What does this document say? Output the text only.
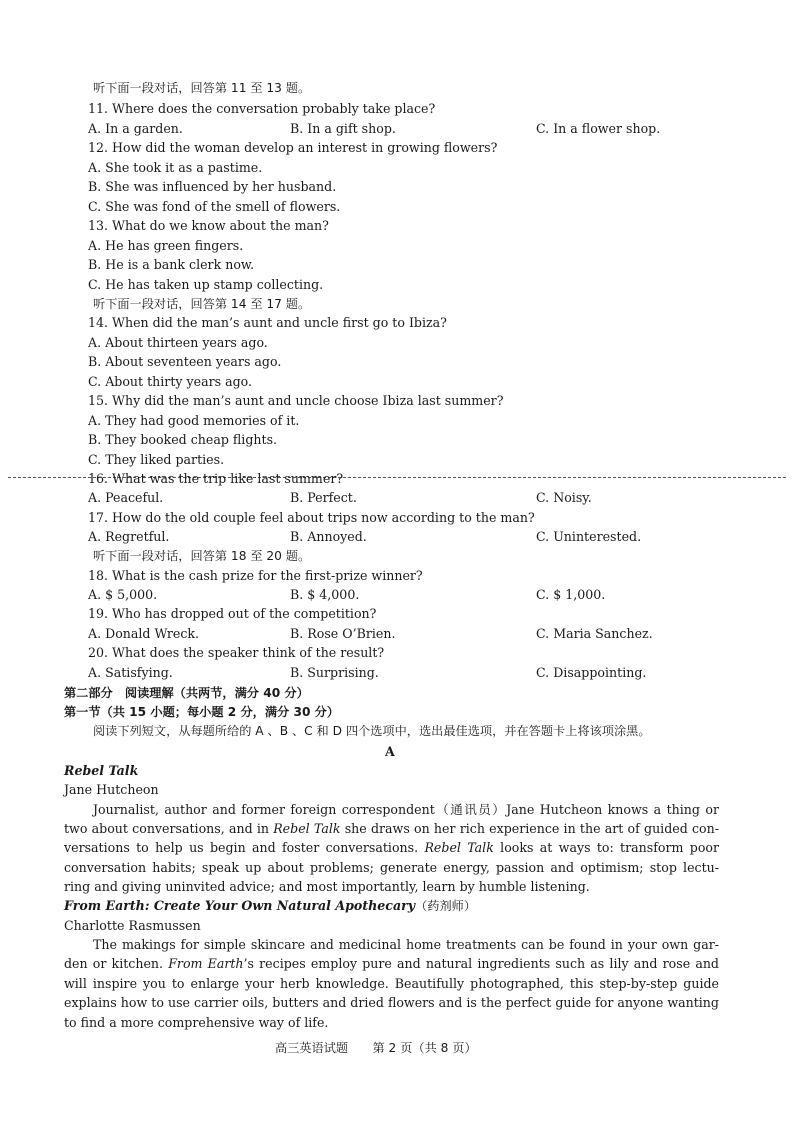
听下面一段对话，回答第 11 至 13 题。
11. Where does the conversation probably take place?
A. In a garden.	B. In a gift shop.	C. In a flower shop.
12. How did the woman develop an interest in growing flowers?
A. She took it as a pastime.
B. She was influenced by her husband.
C. She was fond of the smell of flowers.
13. What do we know about the man?
A. He has green fingers.
B. He is a bank clerk now.
C. He has taken up stamp collecting.
听下面一段对话，回答第 14 至 17 题。
14. When did the man’s aunt and uncle first go to Ibiza?
A. About thirteen years ago.
B. About seventeen years ago.
C. About thirty years ago.
15. Why did the man’s aunt and uncle choose Ibiza last summer?
A. They had good memories of it.
B. They booked cheap flights.
C. They liked parties.
16. What was the trip like last summer?
A. Peaceful.	B. Perfect.	C. Noisy.
17. How do the old couple feel about trips now according to the man?
A. Regretful.	B. Annoyed.	C. Uninterested.
听下面一段对话，回答第 18 至 20 题。
18. What is the cash prize for the first-prize winner?
A. $ 5,000.	B. $ 4,000.	C. $ 1,000.
19. Who has dropped out of the competition?
A. Donald Wreck.	B. Rose O’Brien.	C. Maria Sanchez.
20. What does the speaker think of the result?
A. Satisfying.	B. Surprising.	C. Disappointing.
第二部分　阅读理解（共两节，满分 40 分）
第一节（共 15 小题；每小题 2 分，满分 30 分）
阅读下列短文，从每题所给的 A 、B 、C 和 D 四个选项中，选出最佳选项，并在答题卡上将该项涂黑。
A
Rebel Talk
Jane Hutcheon
Journalist, author and former foreign correspondent（通讯员）Jane Hutcheon knows a thing or
two about conversations, and in Rebel Talk she draws on her rich experience in the art of guided con-
versations to help us begin and foster conversations. Rebel Talk looks at ways to: transform poor
conversation habits; speak up about problems; generate energy, passion and optimism; stop lectu-
ring and giving uninvited advice; and most importantly, learn by humble listening.
From Earth: Create Your Own Natural Apothecary（药剂师）
Charlotte Rasmussen
The makings for simple skincare and medicinal home treatments can be found in your own gar-
den or kitchen. From Earth’s recipes employ pure and natural ingredients such as lily and rose and
will inspire you to enlarge your herb knowledge. Beautifully photographed, this step-by-step guide
explains how to use carrier oils, butters and dried flowers and is the perfect guide for anyone wanting
to find a more comprehensive way of life.
高三英语试题　　第 2 页（共 8 页）
